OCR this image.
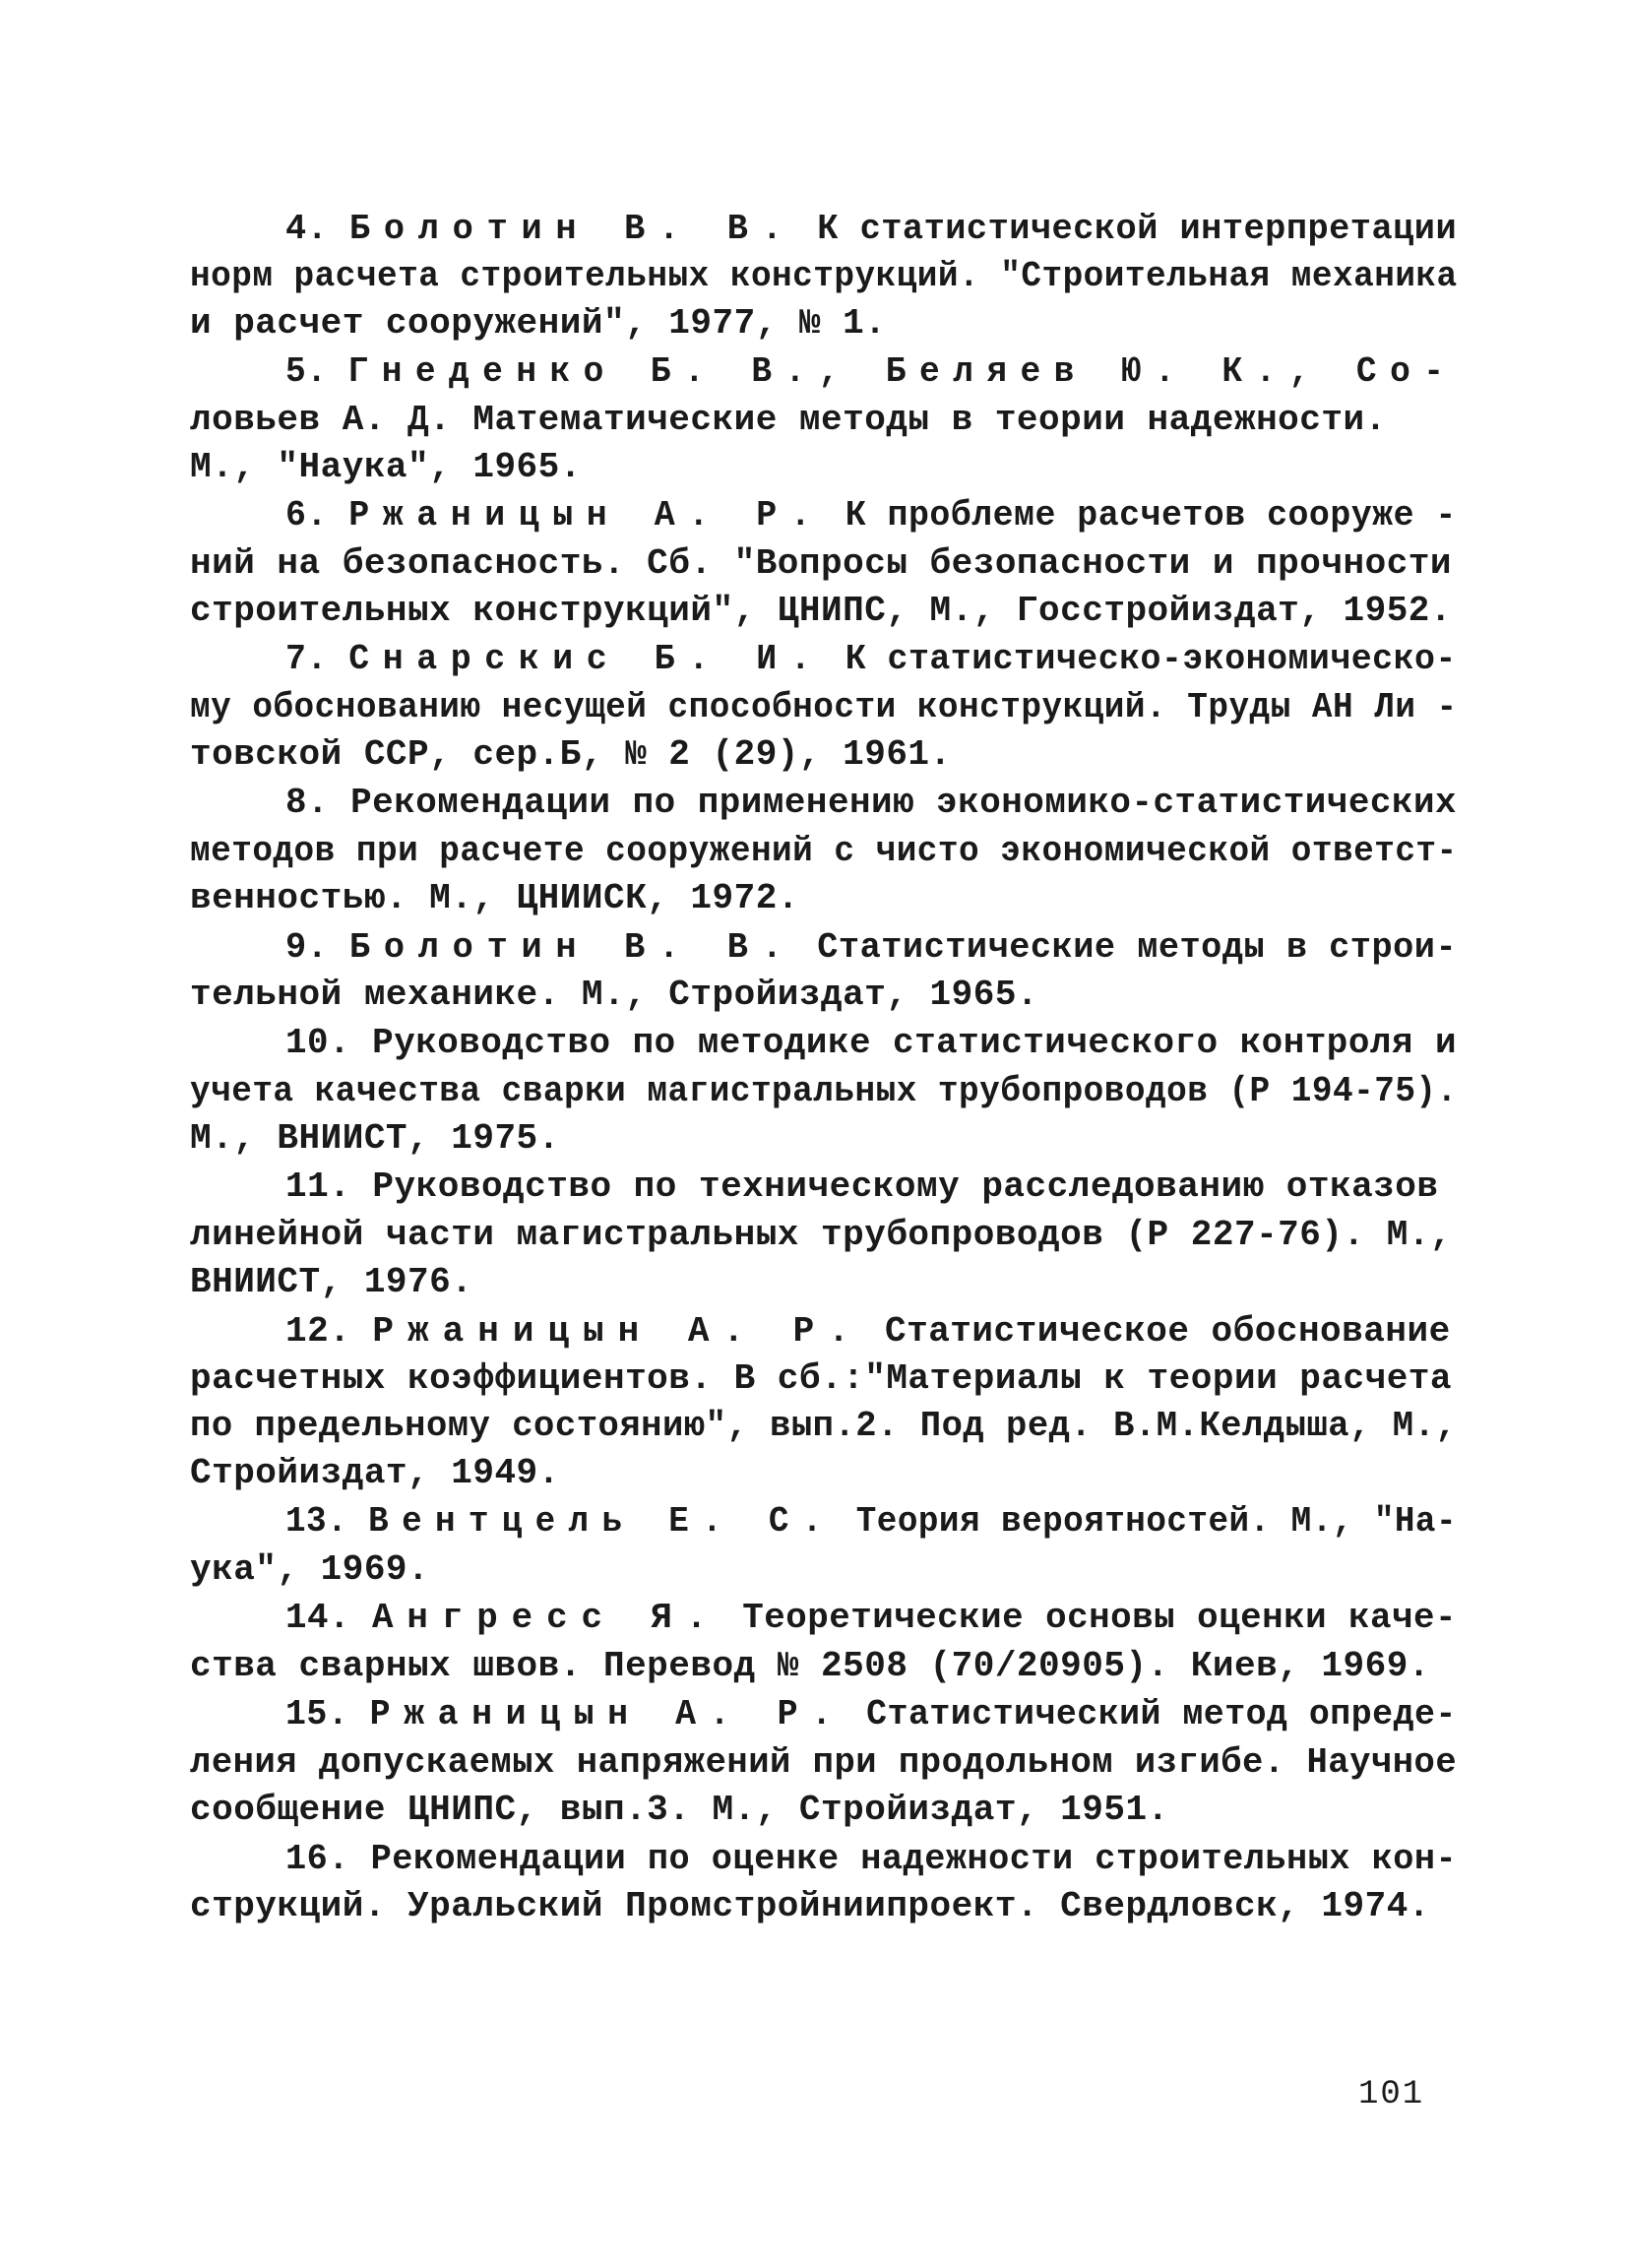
4. Болотин В. В. К статистической интерпретации
норм расчета строительных конструкций. "Строительная механика
и расчет сооружений", 1977, № 1.
5. Гнеденко Б. В., Беляев Ю. К., Со-
ловьев А. Д. Математические методы в теории надежности.
М., "Наука", 1965.
6. Ржаницын А. Р. К проблеме расчетов сооруже -
ний на безопасность. Сб. "Вопросы безопасности и прочности
строительных конструкций", ЦНИПС, М., Госстройиздат, 1952.
7. Снарскис Б. И. К статистическо-экономическо-
му обоснованию несущей способности конструкций. Труды АН Ли -
товской ССР, сер.Б, № 2 (29), 1961.
8. Рекомендации по применению экономико-статистических
методов при расчете сооружений с чисто экономической ответст-
венностью. М., ЦНИИСК, 1972.
9. Болотин В. В. Статистические методы в строи-
тельной механике. М., Стройиздат, 1965.
10. Руководство по методике статистического контроля и
учета качества сварки магистральных трубопроводов (Р 194-75).
М., ВНИИСТ, 1975.
11. Руководство по техническому расследованию отказов
линейной части магистральных трубопроводов (Р 227-76). М.,
ВНИИСТ, 1976.
12. Ржаницын А. Р. Статистическое обоснование
расчетных коэффициентов. В сб.:"Материалы к теории расчета
по предельному состоянию", вып.2. Под ред. В.М.Келдыша, М.,
Стройиздат, 1949.
13. Вентцель Е. С. Теория вероятностей. М., "На-
ука", 1969.
14. Ангресс Я. Теоретические основы оценки каче-
ства сварных швов. Перевод № 2508 (70/20905). Киев, 1969.
15. Ржаницын А. Р. Статистический метод опреде-
ления допускаемых напряжений при продольном изгибе. Научное
сообщение ЦНИПС, вып.3. М., Стройиздат, 1951.
16. Рекомендации по оценке надежности строительных кон-
струкций. Уральский Промстройниипроект. Свердловск, 1974.
101
